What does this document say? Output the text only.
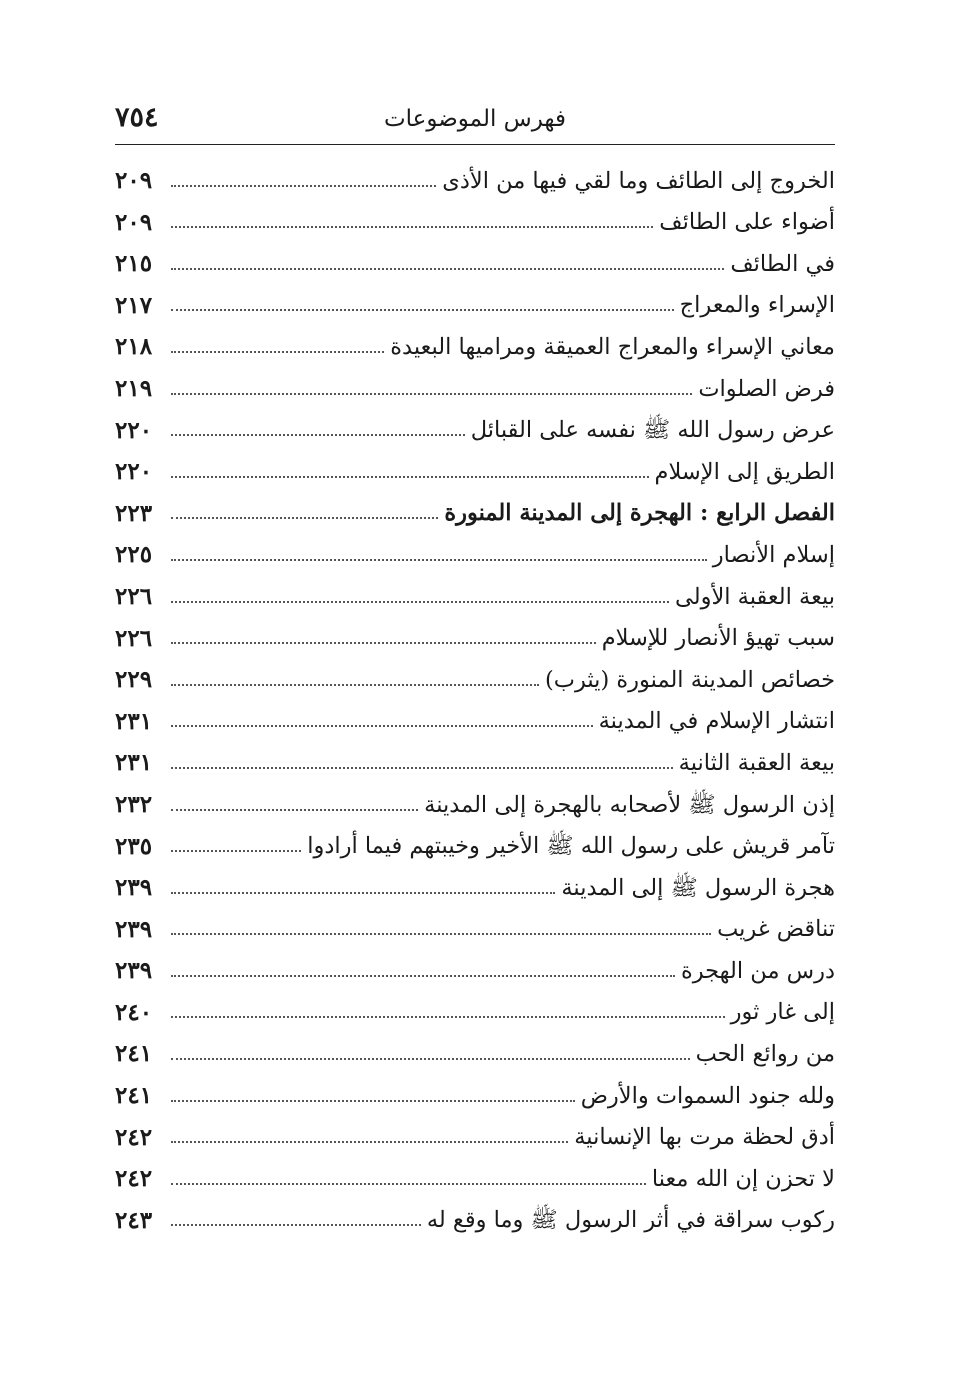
فهرس الموضوعات
٧٥٤
الخروج إلى الطائف وما لقي فيها من الأذى
٢٠٩
أضواء على الطائف
٢٠٩
في الطائف
٢١٥
الإسراء والمعراج
٢١٧
معاني الإسراء والمعراج العميقة ومراميها البعيدة
٢١٨
فرض الصلوات
٢١٩
عرض رسول الله ﷺ نفسه على القبائل
٢٢٠
الطريق إلى الإسلام
٢٢٠
الفصل الرابع : الهجرة إلى المدينة المنورة
٢٢٣
إسلام الأنصار
٢٢٥
بيعة العقبة الأولى
٢٢٦
سبب تهيؤ الأنصار للإسلام
٢٢٦
خصائص المدينة المنورة (يثرب)
٢٢٩
انتشار الإسلام في المدينة
٢٣١
بيعة العقبة الثانية
٢٣١
إذن الرسول ﷺ لأصحابه بالهجرة إلى المدينة
٢٣٢
تآمر قريش على رسول الله ﷺ الأخير وخيبتهم فيما أرادوا
٢٣٥
هجرة الرسول ﷺ إلى المدينة
٢٣٩
تناقض غريب
٢٣٩
درس من الهجرة
٢٣٩
إلى غار ثور
٢٤٠
من روائع الحب
٢٤١
ولله جنود السموات والأرض
٢٤١
أدق لحظة مرت بها الإنسانية
٢٤٢
لا تحزن إن الله معنا
٢٤٢
ركوب سراقة في أثر الرسول ﷺ وما وقع له
٢٤٣
